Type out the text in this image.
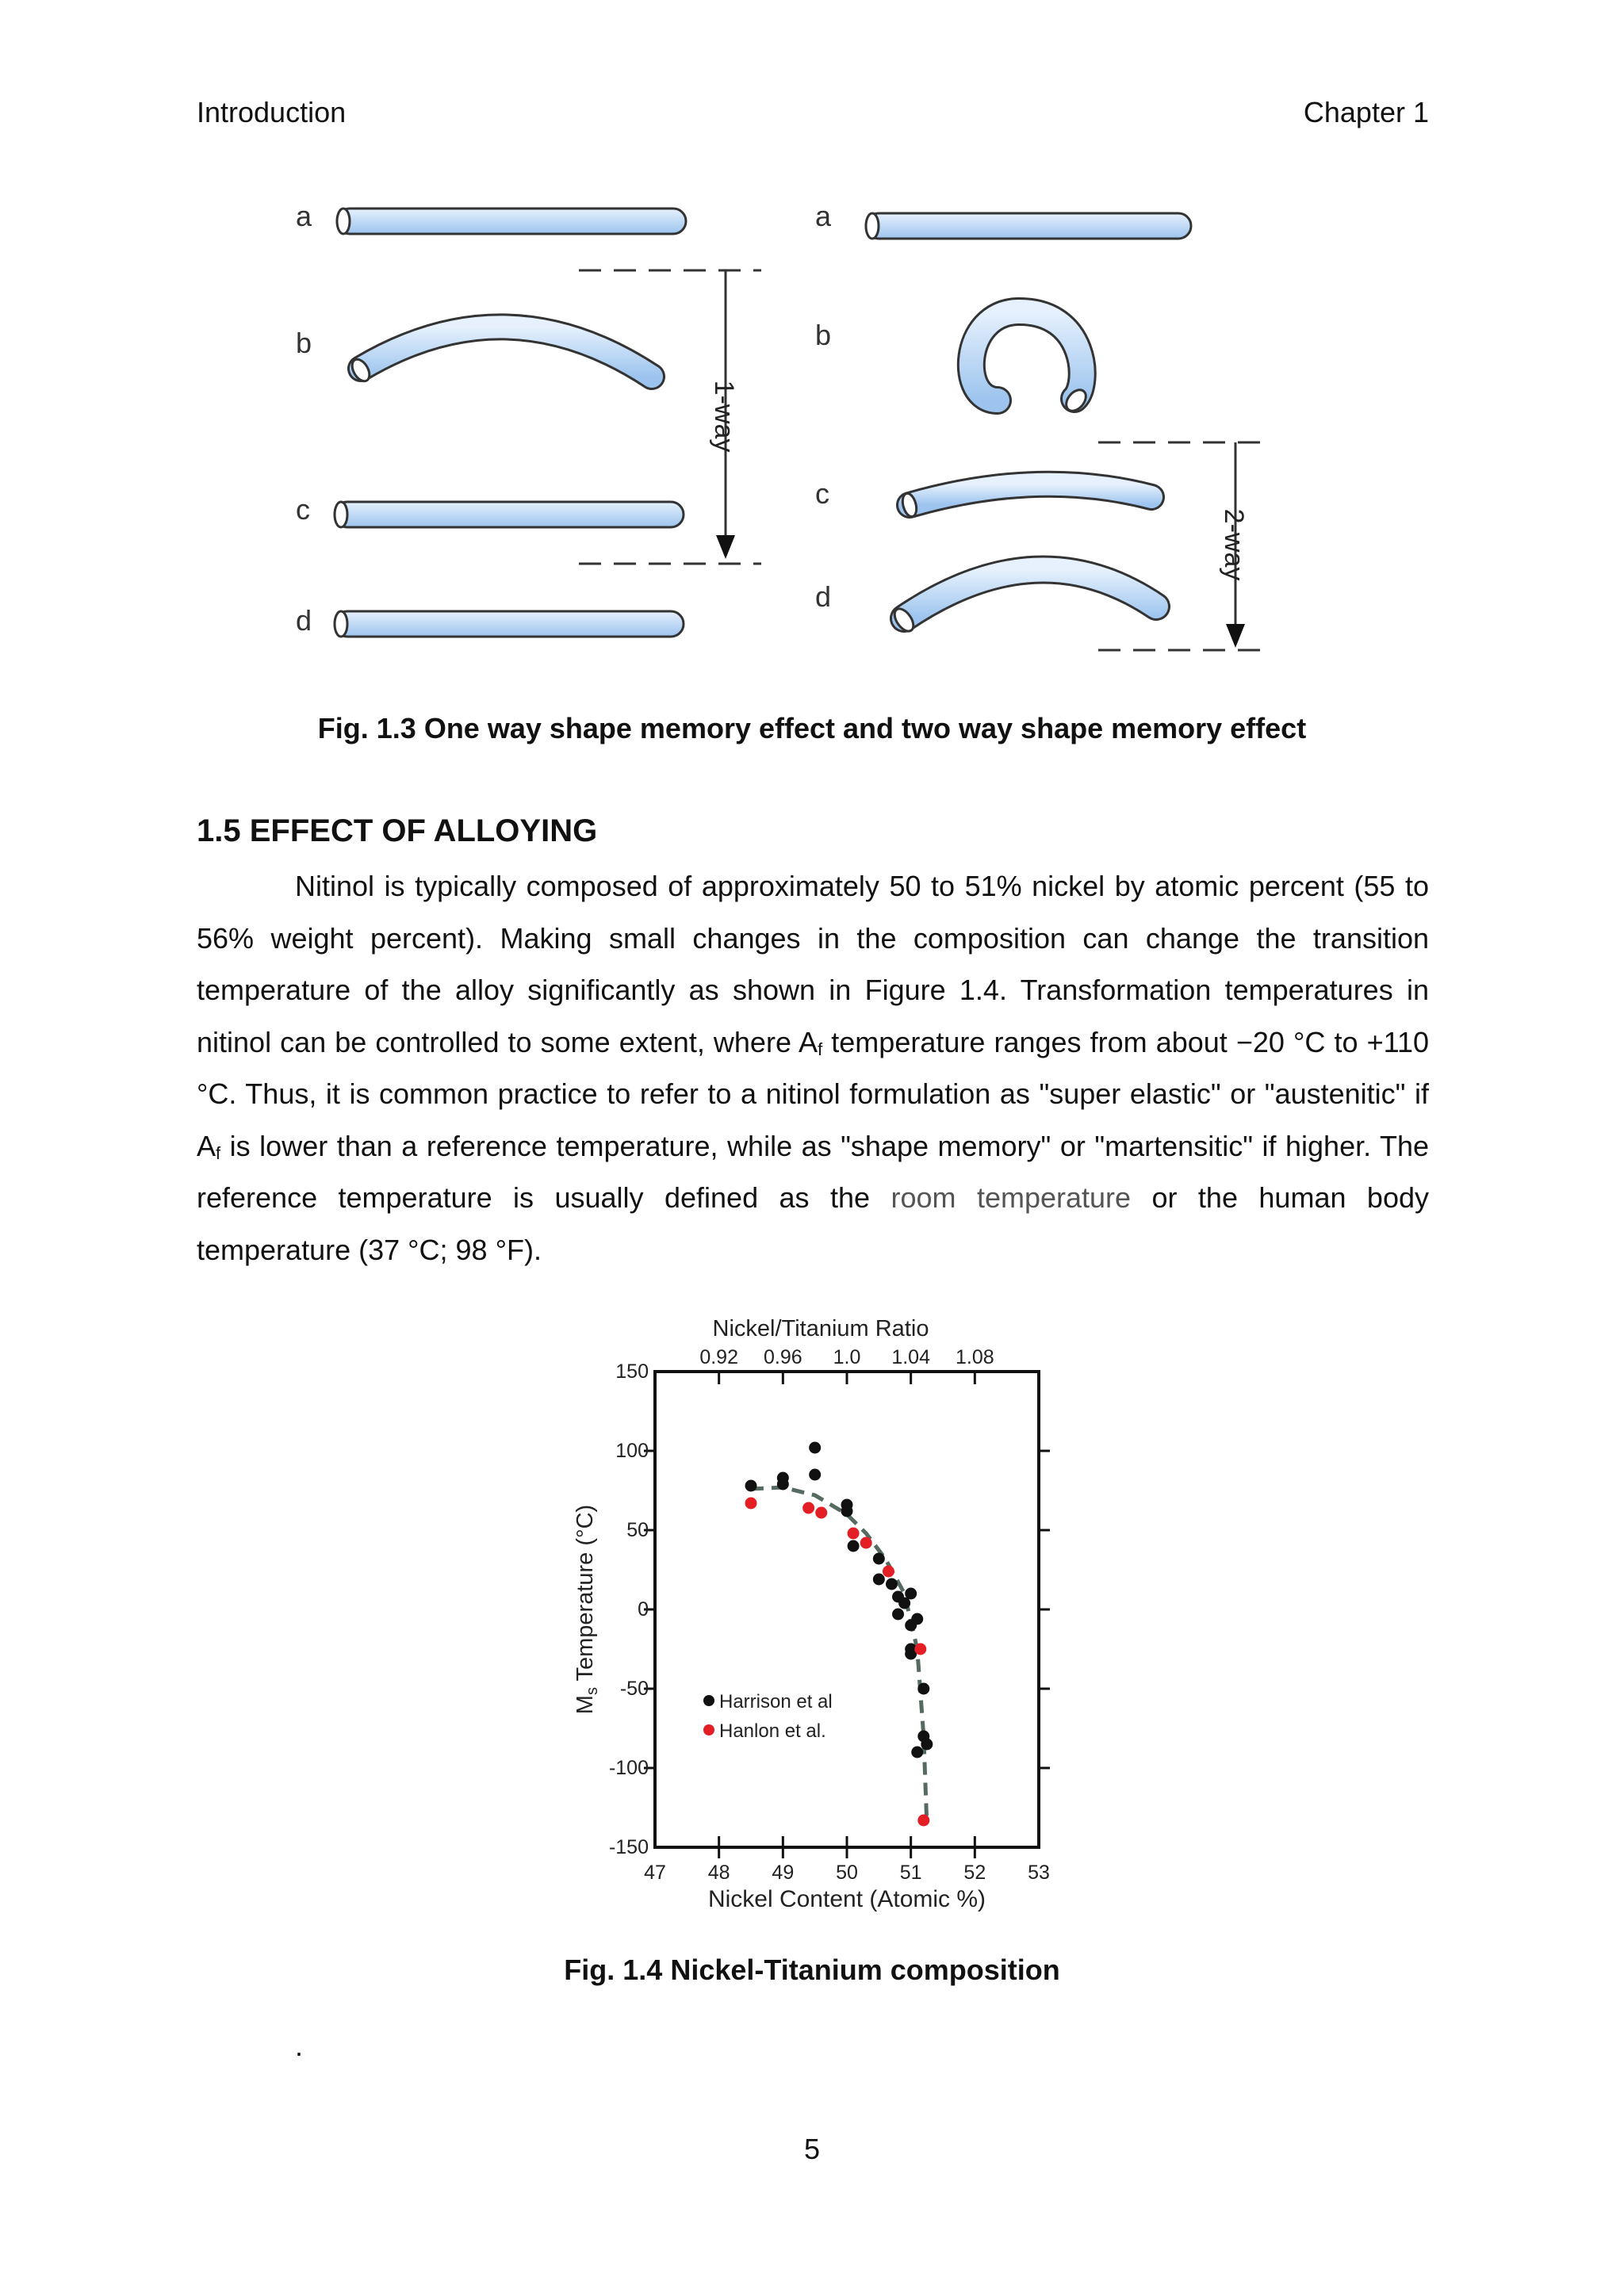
Introduction	Chapter 1
a
b
c
d
1-way
a
b
c
d
2-way
Fig. 1.3 One way shape memory effect and two way shape memory effect
1.5 EFFECT OF ALLOYING

Nitinol is typically composed of approximately 50 to 51% nickel by atomic percent (55 to 56% weight percent). Making small changes in the composition can change the transition temperature of the alloy significantly as shown in Figure 1.4. Transformation temperatures in nitinol can be controlled to some extent, where $A_f$ temperature ranges from about −20 °C to +110 °C. Thus, it is common practice to refer to a nitinol formulation as "super elastic" or "austenitic" if $A_f$ is lower than a reference temperature, while as "shape memory" or "martensitic" if higher. The reference temperature is usually defined as the room temperature or the human body temperature (37 °C; 98 °F).

Nickel/Titanium Ratio
0.92 0.96 1.0 1.04 1.08
47 48 49 50 51 52 53
150
100
50
0
-50
-100
-150
Harrison et al
Hanlon et al.
Nickel Content (Atomic %)
$M_s$ Temperature (°C)
Fig. 1.4 Nickel-Titanium composition
.
5
